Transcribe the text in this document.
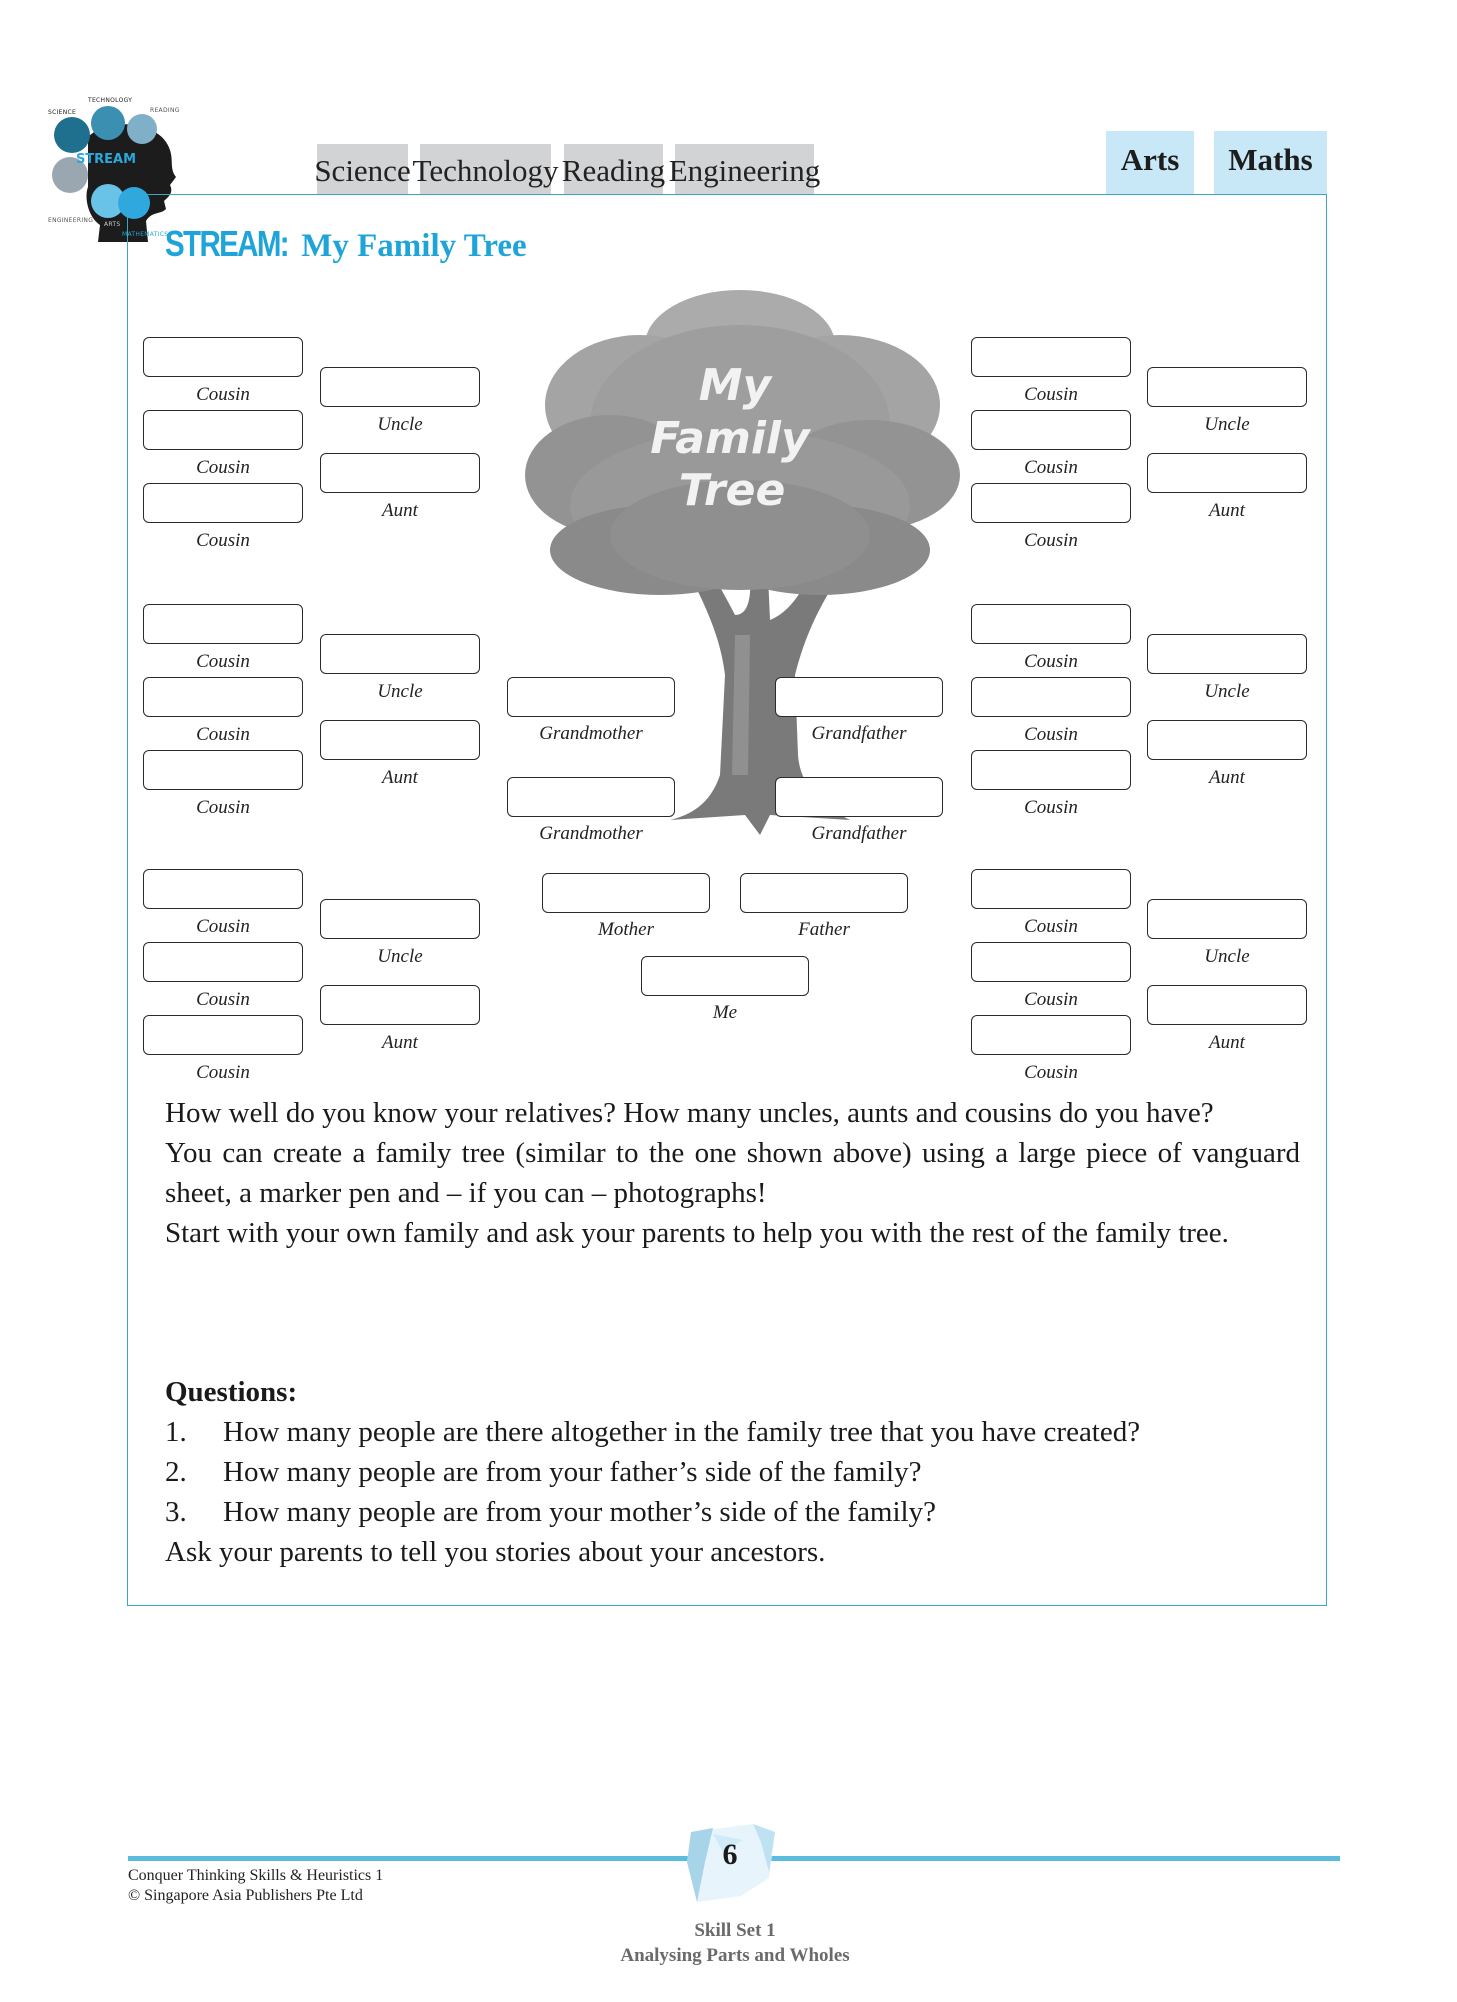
STREAM
SCIENCE
TECHNOLOGY
READING
ENGINEERING
ARTS
MATHEMATICS
Science Technology Reading Engineering	Arts	Maths
STREAM: My Family Tree
My
Family
Tree
Cousin
Cousin
Cousin
Uncle
Aunt
Cousin
Cousin
Cousin
Uncle
Aunt
Cousin
Cousin
Cousin
Uncle
Aunt
Cousin
Cousin
Cousin
Uncle
Aunt
Cousin
Cousin
Cousin
Uncle
Aunt
Cousin
Cousin
Cousin
Uncle
Aunt
Grandmother	Grandfather
Grandmother	Grandfather
Mother	Father
Me

How well do you know your relatives? How many uncles, aunts and cousins do you have?

You can create a family tree (similar to the one shown above) using a large piece of vanguard sheet, a marker pen and – if you can – photographs!

Start with your own family and ask your parents to help you with the rest of the family tree.

Questions:
1.	How many people are there altogether in the family tree that you have created?
2.	How many people are from your father’s side of the family?
3.	How many people are from your mother’s side of the family?
Ask your parents to tell you stories about your ancestors.
Conquer Thinking Skills & Heuristics 1
© Singapore Asia Publishers Pte Ltd
6
Skill Set 1
Analysing Parts and Wholes
